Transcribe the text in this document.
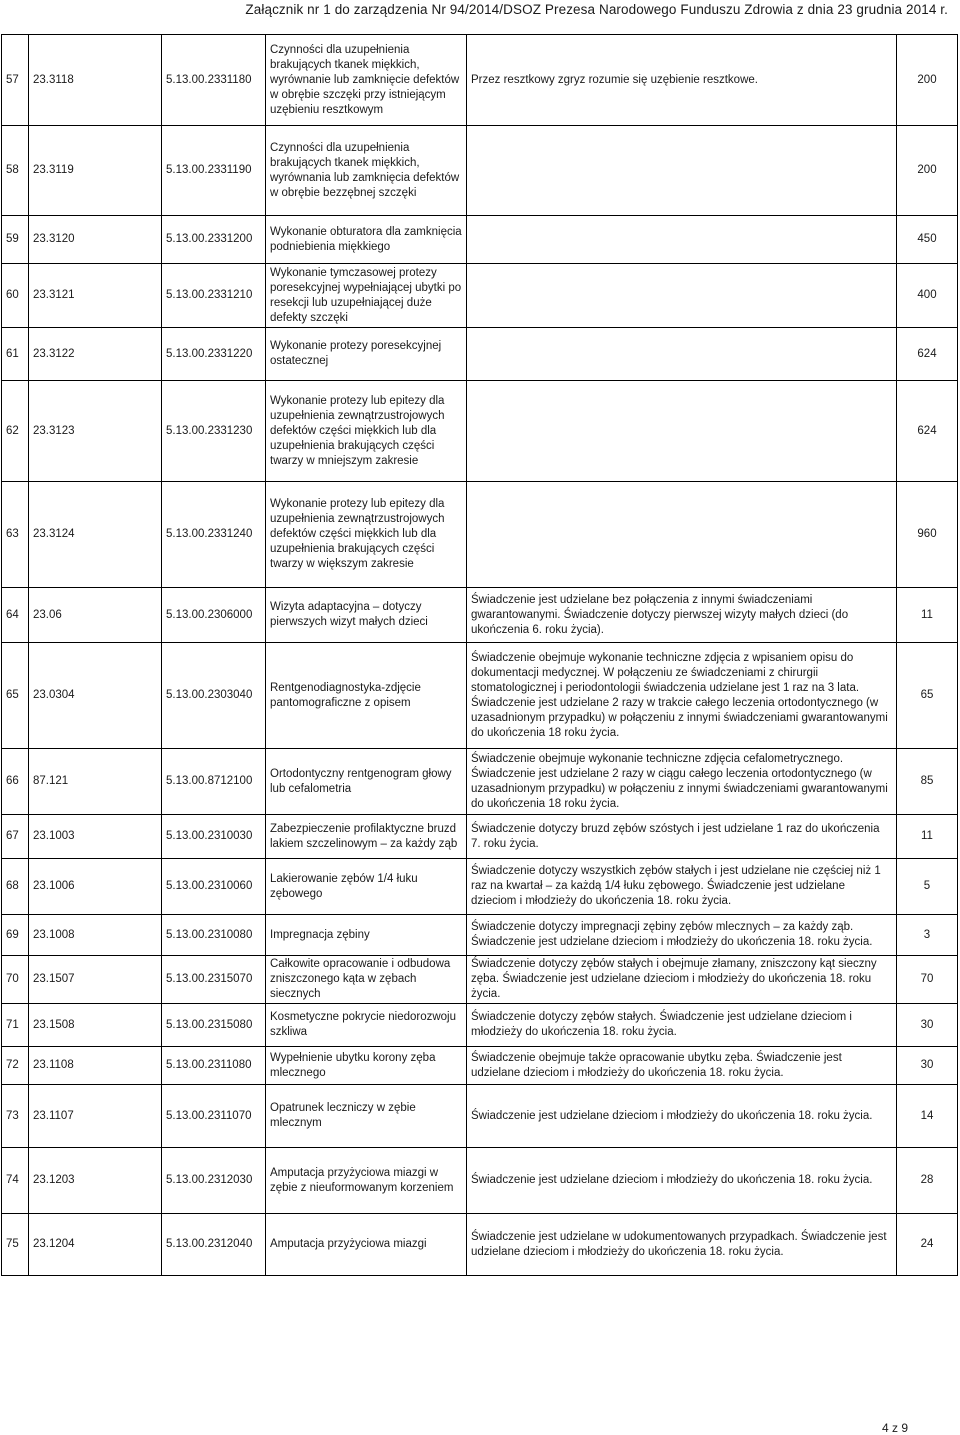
Załącznik nr 1 do zarządzenia Nr 94/2014/DSOZ Prezesa Narodowego Funduszu Zdrowia z dnia 23 grudnia 2014 r.
57	23.3118	5.13.00.2331180	Czynności dla uzupełnienia brakujących tkanek miękkich, wyrównanie lub zamknięcie defektów w obrębie szczęki przy istniejącym uzębieniu resztkowym	Przez resztkowy zgryz rozumie się uzębienie resztkowe.	200
58	23.3119	5.13.00.2331190	Czynności dla uzupełnienia brakujących tkanek miękkich, wyrównania lub zamknięcia defektów w obrębie bezzębnej szczęki		200
59	23.3120	5.13.00.2331200	Wykonanie obturatora dla zamknięcia podniebienia miękkiego		450
60	23.3121	5.13.00.2331210	Wykonanie tymczasowej protezy poresekcyjnej wypełniającej ubytki po resekcji lub uzupełniającej duże defekty szczęki		400
61	23.3122	5.13.00.2331220	Wykonanie protezy poresekcyjnej ostatecznej		624
62	23.3123	5.13.00.2331230	Wykonanie protezy lub epitezy dla uzupełnienia zewnątrzustrojowych defektów części miękkich lub dla uzupełnienia brakujących części twarzy w mniejszym zakresie		624
63	23.3124	5.13.00.2331240	Wykonanie protezy lub epitezy dla uzupełnienia zewnątrzustrojowych defektów części miękkich lub dla uzupełnienia brakujących części twarzy w większym zakresie		960
64	23.06	5.13.00.2306000	Wizyta adaptacyjna – dotyczy pierwszych wizyt małych dzieci	Świadczenie jest udzielane bez połączenia z innymi świadczeniami gwarantowanymi. Świadczenie dotyczy pierwszej wizyty małych dzieci (do ukończenia 6. roku życia).	11
65	23.0304	5.13.00.2303040	Rentgenodiagnostyka-zdjęcie pantomograficzne z opisem	Świadczenie obejmuje wykonanie techniczne zdjęcia z wpisaniem opisu do dokumentacji medycznej. W połączeniu ze świadczeniami z chirurgii stomatologicznej i periodontologii świadczenia udzielane jest 1 raz na 3 lata. Świadczenie jest udzielane 2 razy w trakcie całego leczenia ortodontycznego (w uzasadnionym przypadku) w połączeniu z innymi świadczeniami gwarantowanymi do ukończenia 18 roku życia.	65
66	87.121	5.13.00.8712100	Ortodontyczny rentgenogram głowy lub cefalometria	Świadczenie obejmuje wykonanie techniczne zdjęcia cefalometrycznego. Świadczenie jest udzielane 2 razy w ciągu całego leczenia ortodontycznego (w uzasadnionym przypadku) w połączeniu z innymi świadczeniami gwarantowanymi do ukończenia 18 roku życia.	85
67	23.1003	5.13.00.2310030	Zabezpieczenie profilaktyczne bruzd lakiem szczelinowym – za każdy ząb	Świadczenie dotyczy bruzd zębów szóstych i jest udzielane 1 raz do ukończenia 7. roku życia.	11
68	23.1006	5.13.00.2310060	Lakierowanie zębów 1/4 łuku zębowego	Świadczenie dotyczy wszystkich zębów stałych i jest udzielane nie częściej niż 1 raz na kwartał – za każdą 1/4 łuku zębowego. Świadczenie jest udzielane dzieciom i młodzieży do ukończenia 18. roku życia.	5
69	23.1008	5.13.00.2310080	Impregnacja zębiny	Świadczenie dotyczy impregnacji zębiny zębów mlecznych – za każdy ząb. Świadczenie jest udzielane dzieciom i młodzieży do ukończenia 18. roku życia.	3
70	23.1507	5.13.00.2315070	Całkowite opracowanie i odbudowa zniszczonego kąta w zębach siecznych	Świadczenie dotyczy zębów stałych i obejmuje złamany, zniszczony kąt sieczny zęba. Świadczenie jest udzielane dzieciom i młodzieży do ukończenia 18. roku życia.	70
71	23.1508	5.13.00.2315080	Kosmetyczne pokrycie niedorozwoju szkliwa	Świadczenie dotyczy zębów stałych. Świadczenie jest udzielane dzieciom i młodzieży do ukończenia 18. roku życia.	30
72	23.1108	5.13.00.2311080	Wypełnienie ubytku korony zęba mlecznego	Świadczenie obejmuje także opracowanie ubytku zęba. Świadczenie jest udzielane dzieciom i młodzieży do ukończenia 18. roku życia.	30
73	23.1107	5.13.00.2311070	Opatrunek leczniczy w zębie mlecznym	Świadczenie jest udzielane dzieciom i młodzieży do ukończenia 18. roku życia.	14
74	23.1203	5.13.00.2312030	Amputacja przyżyciowa miazgi w zębie z nieuformowanym korzeniem	Świadczenie jest udzielane dzieciom i młodzieży do ukończenia 18. roku życia.	28
75	23.1204	5.13.00.2312040	Amputacja przyżyciowa miazgi	Świadczenie jest udzielane w udokumentowanych przypadkach. Świadczenie jest udzielane dzieciom i młodzieży do ukończenia 18. roku życia.	24
4 z 9
